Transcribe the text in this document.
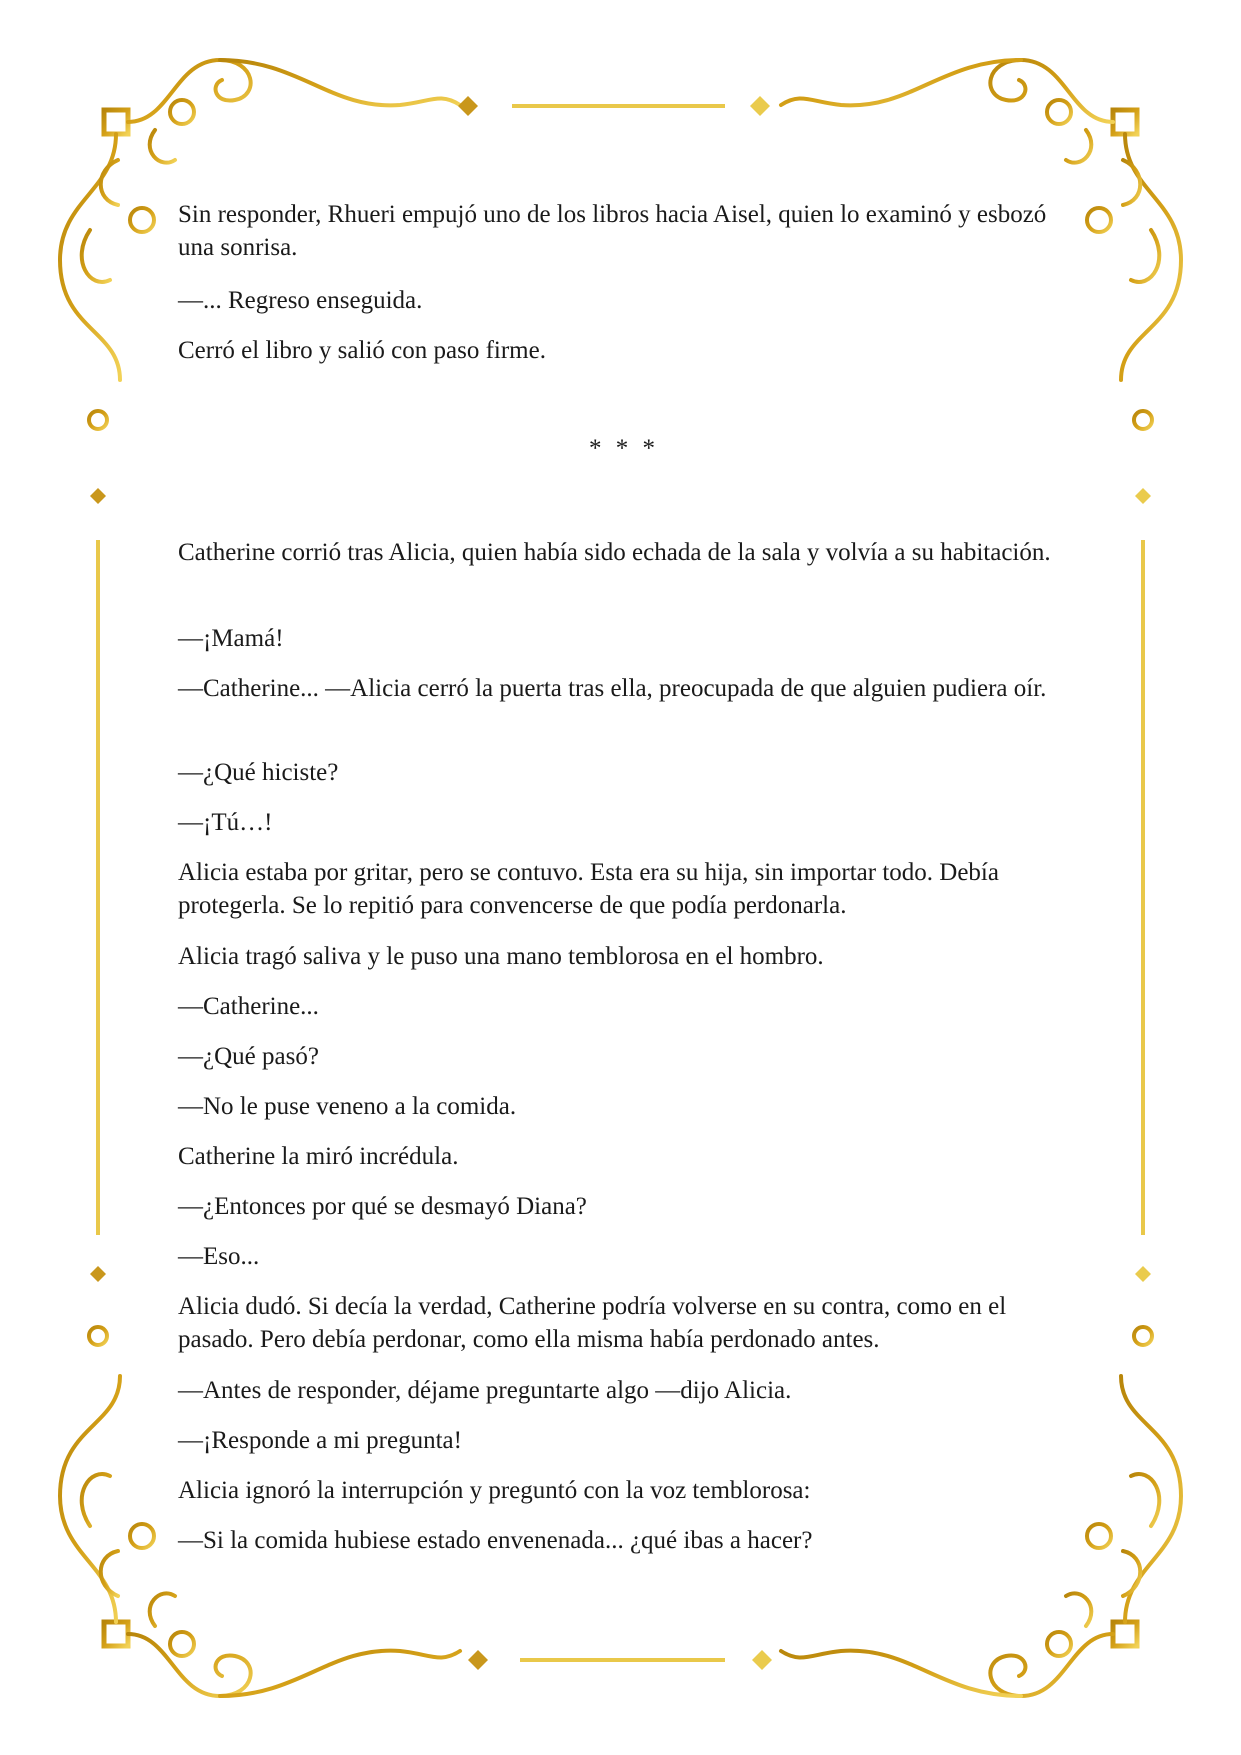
Sin responder, Rhueri empujó uno de los libros hacia Aisel, quien lo examinó y esbozó una sonrisa.

—... Regreso enseguida.

Cerró el libro y salió con paso firme.

* * *

Catherine corrió tras Alicia, quien había sido echada de la sala y volvía a su habitación.

—¡Mamá!

—Catherine... —Alicia cerró la puerta tras ella, preocupada de que alguien pudiera oír.

—¿Qué hiciste?

—¡Tú…!

Alicia estaba por gritar, pero se contuvo. Esta era su hija, sin importar todo. Debía protegerla. Se lo repitió para convencerse de que podía perdonarla.

Alicia tragó saliva y le puso una mano temblorosa en el hombro.

—Catherine...

—¿Qué pasó?

—No le puse veneno a la comida.

Catherine la miró incrédula.

—¿Entonces por qué se desmayó Diana?

—Eso...

Alicia dudó. Si decía la verdad, Catherine podría volverse en su contra, como en el pasado. Pero debía perdonar, como ella misma había perdonado antes.

—Antes de responder, déjame preguntarte algo —dijo Alicia.

—¡Responde a mi pregunta!

Alicia ignoró la interrupción y preguntó con la voz temblorosa:

—Si la comida hubiese estado envenenada... ¿qué ibas a hacer?
